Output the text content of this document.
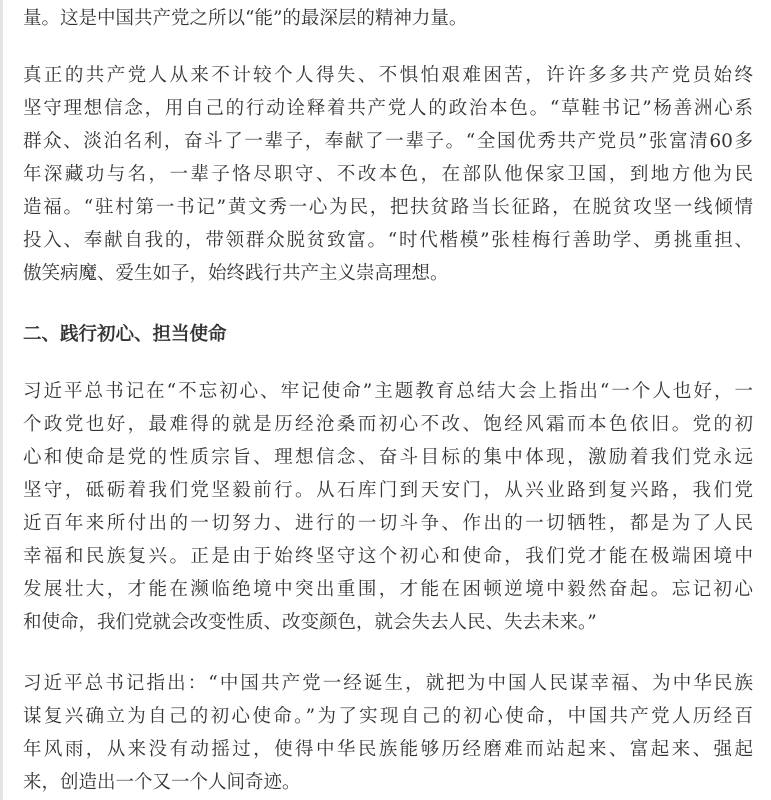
量。这是中国共产党之所以“能”的最深层的精神力量。

真正的共产党人从来不计较个人得失、不惧怕艰难困苦，许许多多共产党员始终
坚守理想信念，用自己的行动诠释着共产党人的政治本色。“草鞋书记”杨善洲心系
群众、淡泊名利，奋斗了一辈子，奉献了一辈子。“全国优秀共产党员”张富清60多
年深藏功与名，一辈子恪尽职守、不改本色，在部队他保家卫国，到地方他为民
造福。“驻村第一书记”黄文秀一心为民，把扶贫路当长征路，在脱贫攻坚一线倾情
投入、奉献自我的，带领群众脱贫致富。“时代楷模”张桂梅行善助学、勇挑重担、
傲笑病魔、爱生如子，始终践行共产主义崇高理想。

二、践行初心、担当使命

习近平总书记在“不忘初心、牢记使命”主题教育总结大会上指出“一个人也好，一
个政党也好，最难得的就是历经沧桑而初心不改、饱经风霜而本色依旧。党的初
心和使命是党的性质宗旨、理想信念、奋斗目标的集中体现，激励着我们党永远
坚守，砥砺着我们党坚毅前行。从石库门到天安门，从兴业路到复兴路，我们党
近百年来所付出的一切努力、进行的一切斗争、作出的一切牺牲，都是为了人民
幸福和民族复兴。正是由于始终坚守这个初心和使命，我们党才能在极端困境中
发展壮大，才能在濒临绝境中突出重围，才能在困顿逆境中毅然奋起。忘记初心
和使命，我们党就会改变性质、改变颜色，就会失去人民、失去未来。”

习近平总书记指出：“中国共产党一经诞生，就把为中国人民谋幸福、为中华民族
谋复兴确立为自己的初心使命。”为了实现自己的初心使命，中国共产党人历经百
年风雨，从来没有动摇过，使得中华民族能够历经磨难而站起来、富起来、强起
来，创造出一个又一个人间奇迹。
